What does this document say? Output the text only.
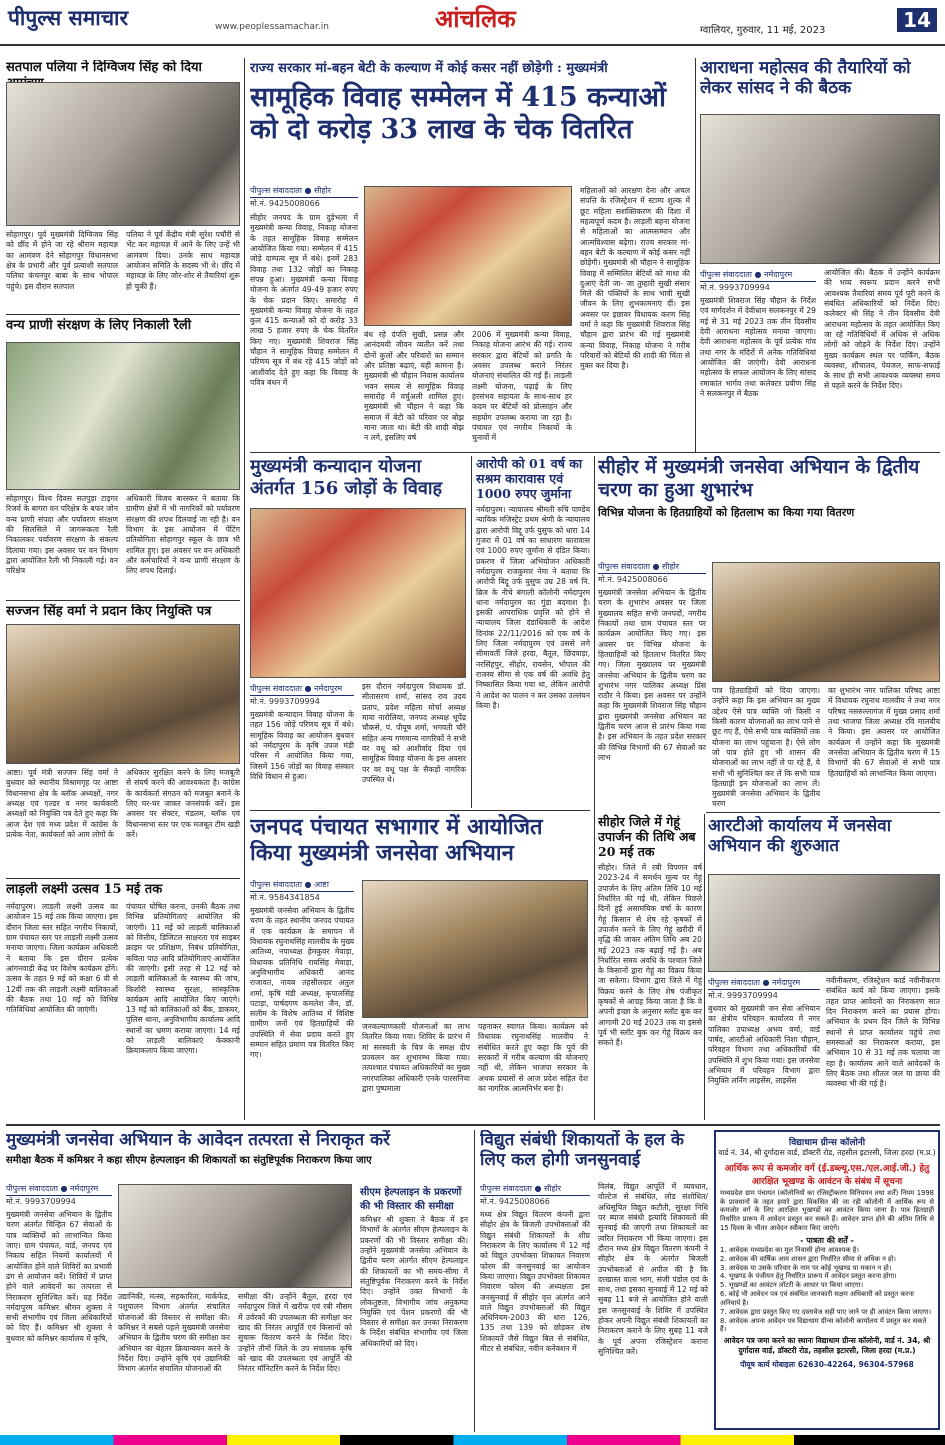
पीपुल्स समाचार	www.peoplessamachar.in	आंचलिक	ग्वालियर, गुरुवार, 11 मई, 2023	14
सतपाल पलिया ने दिग्विजय सिंह को दिया
सोहागपुर। पूर्व मुख्यमंत्री दिग्विजय सिंह को छींद में होने जा रहे श्रीराम महायज्ञ का आमंत्रण देने सोहागपुर विधानसभा क्षेत्र के प्रभारी और पूर्व प्रत्याशी सतपाल पलिया कंचनपुर बाबा के साथ भोपाल पहुंचे। इस दौरान सतपाल
पलिया ने पूर्व केंद्रीय मंत्री सुरेश पचौरी से भेंट कर महायज्ञ में आने के लिए उन्हें भी आमंत्रण दिया। उनके साथ महायज्ञ आयोजन समिति के सदस्य भी थे। छींद में महायज्ञ के लिए जोर-शोर से तैयारियां शुरू हो चुकी हैं।
वन्य प्राणी संरक्षण के लिए निकाली रैली
सोहागपुर। विश्व दिवस सतपुड़ा टाइगर रिजर्व के बागरा वन परिक्षेत्र के बफर जोन वन्य प्राणी संपदा और पर्यावरण संरक्षण की सिलसिले में जागरूकता रैली निकालकर पर्यावरण संरक्षण के संकल्प दिलाया गया। इस अवसर पर वन विभाग द्वारा आयोजित रैली भी निकाली गई। वन परिक्षेत्र
अधिकारी विजय बारस्कर ने बताया कि ग्रामीण क्षेत्रों में भी नागरिकों को पर्यावरण संरक्षण की शपथ दिलवाई जा रही है। वन विभाग के इस आयोजन में पेंटिंग प्रतियोगिता सोहागपुर स्कूल के छात्र भी शामिल हुए। इस अवसर पर वन अधिकारी और कर्मचारियों ने वन्य प्राणी संरक्षण के लिए शपथ दिलाई।
सज्जन सिंह वर्मा ने प्रदान किए नियुक्ति पत्र
आष्टा। पूर्व मंत्री सज्जन सिंह वर्मा ने बुधवार को स्थानीय विश्रामगृह पर आष्टा विधानसभा क्षेत्र के ब्लॉक अध्यक्षों, नगर अध्यक्ष एवं एल्डर व नगर कार्यकारी अध्यक्षों को नियुक्ति पत्र देते हुए कहा कि आज देश एवं मध्य प्रदेश में कांग्रेस के प्रत्येक नेता, कार्यकर्ता को आम लोगों के
अधिकार सुरक्षित करने के लिए मजबूती से संघर्ष करने की आवश्यकता है। कांग्रेस के कार्यकर्ता संगठन को मजबूत बनाने के लिए घर-घर जाकर जनसंपर्क करें। इस अवसर पर सेक्टर, मंडलम, ब्लॉक एवं विधानसभा स्तर पर एक मजबूत टीम खड़ी करें।
लाड़ली लक्ष्मी उत्सव 15 मई तक
नर्मदापुरम। लाड़ली लक्ष्मी उत्सव का आयोजन 15 मई तक किया जाएगा। इस दौरान जिला स्तर सहित नगरीय निकायों, ग्राम पंचायत स्तर पर लाड़ली लक्ष्मी उत्सव मनाया जाएगा। जिला कार्यक्रम अधिकारी ने बताया कि इस दौरान प्रत्येक आंगनवाड़ी केंद्र पर विशेष कार्यक्रम होंगे। उत्सव के तहत 9 मई को कक्षा 6 वी से 12वीं तक की लाड़ली लक्ष्मी बालिकाओं की बैठक तथा 10 मई को विभिन्न गतिविधियां आयोजित की जाएंगी।
पंचायत घोषित करना, उनकी बैठक तथा विभिन्न प्रतियोगिताएं आयोजित की जाएंगी। 11 मई को लाड़ली बालिकाओं को वित्तीय, डिजिटल साक्षरता एवं साइबर क्राइम पर प्रशिक्षण, निबंध प्रतियोगिता, कविता पाठ आदि प्रतियोगिताएं आयोजित की जाएंगी। इसी तरह से 12 मई को लाड़ली बालिकाओं के स्वास्थ्य की जांच, किशोरी स्वास्थ्य सुरक्षा, सांस्कृतिक कार्यक्रम आदि आयोजित किए जाएंगे। 13 मई को बालिकाओं को बैंक, डाकघर, पुलिस थाना, अनुविभागीय कार्यालय आदि स्थानों का भ्रमण कराया जाएगा। 14 मई को लाड़ली बालिकाएं केक्कानी क्रियाकलाप किया जाएगा।
राज्य सरकार मां-बहन बेटी के कल्याण में कोई कसर नहीं छोड़ेगी : मुख्यमंत्री
सामूहिक विवाह सम्मेलन में 415 कन्याओं को दो करोड़ 33 लाख के चेक वितरित
पीपुल्स संवाददाता ● सीहोर
मो.नं. 9425008066
सीहोर जनपद के ग्राम दुड़ेभला में मुख्यमंत्री कन्या विवाह, निकाह योजना के तहत सामूहिक विवाह सम्मेलन आयोजित किया गया। सम्मेलन में 415 जोड़े दाम्पत्य सूत्र में बंधे। इनमें 283 विवाह तथा 132 जोड़ों का निकाह संपन्न हुआ। मुख्यमंत्री कन्या विवाह योजना के अंतर्गत 49-49 हजार रुपए के चेक प्रदान किए। समारोह में मुख्यमंत्री कन्या विवाह योजना के तहत कुल 415 कन्याओं को दो करोड़ 33 लाख 5 हजार रुपए के चेक वितरित किए गए। मुख्यमंत्री शिवराज सिंह चौहान ने सामूहिक विवाह सम्मेलन में परिणय सूत्र में बंध रहे 415 जोड़ों को आशीर्वाद देते हुए कहा कि विवाह के पवित्र बंधन में
बंध रहे दंपति सुखी, प्रसन्न और आनंदमयी जीवन व्यतीत करें तथा दोनों कुलों और परिवारों का सम्मान और प्रतिष्ठा बढ़ाएं, यही कामना है। मुख्यमंत्री श्री चौहान निवास कार्यालय भवन समत्व से सामूहिक विवाह समारोह में वर्चुअली शामिल हुए। मुख्यमंत्री श्री चौहान ने कहा कि समाज में बेटी को परिवार पर बोझ माना जाता था। बेटी की शादी बोझ न लगे, इसलिए वर्ष
2006 में मुख्यमंत्री कन्या विवाह, निकाह योजना आरंभ की गई। राज्य सरकार द्वारा बेटियों को प्रगति के अवसर उपलब्ध कराने निरंतर योजनाएं संचालित की गई हैं। लाड़ली लक्ष्मी योजना, पढ़ाई के लिए हरसंभव सहायता के साथ-साथ हर कदम पर बेटियों को प्रोत्साहन और सहयोग उपलब्ध कराया जा रहा है। पंचायत एवं नगरीय निकायों के चुनावों में
महिलाओं को आरक्षण देना और अचल संपत्ति के रजिस्ट्रेशन में स्टाम्प शुल्क में छूट महिला सशक्तिकरण की दिशा में महत्वपूर्ण कदम है। लाड़ली बहना योजना से महिलाओं का आत्मसम्मान और आत्मविश्वास बढ़ेगा। राज्य सरकार मां-बहन बेटी के कल्याण में कोई कसर नहीं छोड़ेगी। मुख्यमंत्री श्री चौहान ने सामूहिक विवाह में सम्मिलित बेटियों को माथा की दुआएं देती जा- जा तुम्हारी सुखी संसार मिले की पंक्तियों के साथ भावी सुखी जीवन के लिए शुभकामनाएं दीं। इस अवसर पर इछावर विधायक करण सिंह वर्मा ने कहा कि मुख्यमंत्री शिवराज सिंह चौहान द्वारा प्रारंभ की गई मुख्यमंत्री कन्या विवाह, निकाह योजना ने गरीब परिवारों को बेटियों की शादी की चिंता से मुक्त कर दिया है।
मुख्यमंत्री कन्यादान योजना अंतर्गत 156 जोड़ों के विवाह
पीपुल्स संवाददाता ● नर्मदापुरम
मो.नं. 9993709994
मुख्यमंत्री कन्यादान विवाह योजना के तहत 156 जोड़ें परिणय सूत्र में बंधे। सामूहिक विवाह का आयोजन बुधवार को नर्मदापुरम के कृषि उपज मंडी परिसर में आयोजित किया गया, जिसमें 156 जोड़ों का विवाह संस्कार विधि विधान से हुआ।
इस दौरान नर्मदापुरम विधायक डॉ. सीतासरण शर्मा, सांसद राव उदय प्रताप, प्रदेश महिला मोर्चा अध्यक्ष माया नारोलिया, जनपद अध्यक्ष भूपेंद्र चौकसे, पं. पीयूष शर्मा, भगवती चौरे सहित अन्य गणमान्य नागरिकों ने सभी वर वधू को आशीर्वाद दिया एवं सामूहिक विवाह योजना के इस अवसर पर वर वधू पक्ष के सैकड़ों नागरिक उपस्थित थे।
आरोपी को 01 वर्ष का सश्रम कारावास एवं 1000 रुपए जुर्माना
नर्मदापुरम। न्यायालय श्रीमती रुचि पाण्डेय न्यायिक मजिस्ट्रेट प्रथम श्रेणी के न्यायालय द्वारा आरोपी विद्दू उर्फ युसुफ को धारा 14 गुजरा में 01 वर्ष का साधारण कारावास एवं 1000 रुपए जुर्माना से दंडित किया। प्रकरण में जिला अभियोजन अधिकारी नर्मदापुरम राजकुमार नेमा ने बताया कि आरोपी बिद्दू उर्फ युसुफ उम्र 28 वर्ष नि. ब्रिज के नीचे बंगाली कॉलोनी नर्मदापुरम थाना नर्मदापुरम का गुंडा बदमाश है। इसकी आपराधिक प्रवृत्ति को होने से न्यायालय जिला दंडाधिकारी के आदेश दिनांक 22/11/2016 को एक वर्ष के लिए जिला नर्मदापुरम एवं उससे लगे सीमावर्ती जिले हरदा, बैतूल, छिंदवाड़ा, नरसिंहपुर, सीहोर, रायसेन, भोपाल की राजस्व सीमा से एक वर्ष की अवधि हेतु निष्कासित किया गया था, लेकिन आरोपी ने आदेश का पालन न कर उसका उल्लंघन किया है।
जनपद पंचायत सभागार में आयोजित किया मुख्यमंत्री जनसेवा अभियान
पीपुल्स संवाददाता ● आष्टा
मो.नं. 9584341854
मुख्यमंत्री जनसेवा अभियान के द्वितीय चरण के तहत स्थानीय जनपद पंचायत में एक कार्यक्रम के समापन में विधायक रघुनाथसिंह मालवीय के मुख्य आतिथ्य, नपाध्यक्ष हेमकुवर मेवाड़ा, विधायक प्रतिनिधि रायसिंह मेवाड़ा, अनुविभागीय अधिकारी आनंद राजावत, नायब तहसीलदार अतुल शर्मा, कृषि मंडी अध्यक्ष, कृपालसिंह पटाड़ा, पार्षदगण कमलेश जैन, डॉ. सलीम के विशेष आतिथ्य में विशिष्ट ग्रामीण जनों एवं हितग्राहियों की उपस्थिति में सेवा प्रदाय करते हुए सम्मान सहित प्रमाण पत्र वितरित किए गए।
जनकल्याणकारी योजनाओं का लाभ वितरित किया गया। शिविर के प्रारंभ में मां सरस्वती के चित्र के समक्ष दीप प्रज्वलन कर शुभारम्भ किया गया। तत्पश्चात पंचायत अधिकारियों का मुख्य नगरपालिका अधिकारी एनके पारसनिया द्वारा पुष्पमाला
पहनाकर स्वागत किया। कार्यक्रम को विधायक रघुनाथसिंह मालवीय ने संबोधित करते हुए कहा कि पूर्व की सरकारों में गरीब कल्याण की योजनाएं नहीं थी, लेकिन भाजपा सरकार के अथक प्रयासों से आज प्रदेश सहित देश का नागरिक आत्मनिर्भर बना है।
सीहोर जिले में गेहूं उपार्जन की तिथि अब 20 मई तक
सीहोर। जिले में रबी विपणन वर्ष 2023-24 में समर्थन मूल्य पर गेहूं उपार्जन के लिए अंतिम तिथि 10 मई निर्धारित की गई थी, लेकिन पिछले दिनों हुई असामयिक वर्षा के कारण गेहूं किसान से शेष रहे कृषकों से उपार्जन करने के लिए गेहूं खरीदी में वृद्धि की जाकर अंतिम तिथि अब 20 मई 2023 तक बढ़ाई गई है। अब निर्धारित समय अवधि के पश्चात जिले के किसानों द्वारा गेहूं का विक्रय किया जा सकेगा। विभाग द्वारा जिले में गेहूं विक्रय करने के लिए शेष पंजीकृत कृषकों से आग्रह किया जाता है कि वे अपनी इच्छा के अनुसार स्लॉट बुक कर आगामी 20 मई 2023 तक या इससे पूर्व भी स्लॉट बुक कर गेहूं विक्रय कर सकते हैं।
आराधना महोत्सव की तैयारियों को लेकर सांसद ने की बैठक
पीपुल्स संवाददाता ● नर्मदापुरम
मो.नं. 9993709994
मुख्यमंत्री शिवराज सिंह चौहान के निर्देश एवं मार्गदर्शन में देवीधाम सलकनपुर में 29 मई से 31 मई 2023 तक तीन दिवसीय देवी आराधना महोत्सव मनाया जाएगा। देवी आराधना महोत्सव के पूर्व प्रत्येक गांव तथा नगर के मंदिरों में अनेक गतिविधियां आयोजित की जाएंगी। देवी आराधना महोत्सव के सफल आयोजन के लिए सांसद रमाकांत भार्गव तथा कलेक्टर प्रवीण सिंह ने सलकनपुर में बैठक
आयोजित की। बैठक में उन्होंने कार्यक्रम की भव्य स्वरूप प्रदान करने सभी आवश्यक तैयारियां समय पूर्व पूरी करने के संबंधित अधिकारियों को निर्देश दिए। कलेक्टर श्री सिंह ने तीन दिवसीय देवी आराधना महोत्सव के तहत आयोजित किए जा रहे गतिविधियों में अधिक से अधिक लोगों को जोड़ने के निर्देश दिए। उन्होंने मुख्य कार्यक्रम स्थल पर पार्किंग, बैठक व्यवस्था, शौचालय, पेयजल, साफ-सफाई के साथ ही सभी आवश्यक व्यवस्था समय से पहले करने के निर्देश दिए।
सीहोर में मुख्यमंत्री जनसेवा अभियान के द्वितीय चरण का हुआ शुभारंभ
विभिन्न योजना के हितग्राहियों को हितलाभ का किया गया वितरण
पीपुल्स संवाददाता ● सीहोर
मो.नं. 9425008066
मुख्यमंत्री जनसेवा अभियान के द्वितीय चरण के शुभारंभ अवसर पर जिला मुख्यालय सहित सभी जनपदों, नगरीय निकायों तथा ग्राम पंचायत स्तर पर कार्यक्रम आयोजित किए गए। इस अवसर पर विभिन्न योजना के हितग्राहियों को हितलाभ वितरित किए गए। जिला मुख्यालय पर मुख्यमंत्री जनसेवा अभियान के द्वितीय चरण का शुभारंभ नगर पालिका अध्यक्ष प्रिंस राठौर ने किया। इस अवसर पर उन्होंने कहा कि मुख्यमंत्री शिवराज सिंह चौहान द्वारा मुख्यमंत्री जनसेवा अभियान का द्वितीय चरण आज से प्रारंभ किया गया है। इस अभियान के तहत प्रदेश सरकार की विभिन्न विभागों की 67 सेवाओं का लाभ
पात्र हितग्राहियों को दिया जाएगा। उन्होंने कहा कि इस अभियान का मुख्य उद्देश्य ऐसे पात्र व्यक्ति जो किसी न किसी कारण योजनाओं का लाभ पाने से छूट गए हैं, ऐसे सभी पात्र व्यक्तियों तक योजना का लाभ पहुंचाना है। ऐसे लोग जो पात्र होते हुए भी शासन की योजनाओं का लाभ नहीं ले पा रहे हैं, वे सभी भी सुनिश्चित कर लें कि सभी पात्र हितग्राही इन योजनाओं का लाभ लें। मुख्यमंत्री जनसेवा अभियान के द्वितीय चरण
का शुभारंभ नगर पालिका परिषद आष्टा में विधायक रघुनाथ मालवीय ने तथा नगर परिषद नसरुल्लागंज में मुख्य प्रसाद शर्मा तथा भाजपा जिला अध्यक्ष रवि मालवीय ने किया। इस अवसर पर आयोजित कार्यक्रम में उन्होंने कहा कि मुख्यमंत्री जनसेवा अभियान के द्वितीय चरण में 15 विभागों की 67 सेवाओं से सभी पात्र हितग्राहियों को लाभान्वित किया जाएगा।
आरटीओ कार्यालय में जनसेवा अभियान की शुरुआत
पीपुल्स संवाददाता ● नर्मदापुरम
मो.नं. 9993709994
बुधवार को मुख्यमंत्री जन सेवा अभियान का क्षेत्रीय परिवहन कार्यालय में नगर पालिका उपाध्यक्ष अभय वर्मा, वार्ड पार्षद, आरटीओ अधिकारी निशा चौहान, परिवहन विभाग तथा अधिकारियों की उपस्थिति में शुभ किया गया। इस जनसेवा अभियान में परिवहन विभाग द्वारा नियुक्ति लर्निंग लाइसेंस, लाइसेंस
नवीनीकरण, रजिस्ट्रेशन कार्ड नवीनीकरण संबंधित कार्य को किया जाएगा। इसके तहत प्राप्त आवेदनों का निराकरण सात दिन निराकरण करने का प्रयास होगा। अभियान के प्रथम दिन जिले के विभिन्न स्थानों से प्राप्त कार्यालय पहुंचे तथा समस्याओं का निराकरण कराया, इस अभियान 10 से 31 मई तक चलाया जा रहा है। कार्यालय आने वाले आवेदकों के लिए बैठक तथा शीतल जल या छाया की व्यवस्था भी की गई है।
मुख्यमंत्री जनसेवा अभियान के आवेदन तत्परता से निराकृत करें
समीक्षा बैठक में कमिश्नर ने कहा सीएम हेल्पलाइन की शिकायतों का संतुष्टिपूर्वक निराकरण किया जाए
पीपुल्स संवाददाता ● नर्मदापुरम
मो.नं. 9993709994
मुख्यमंत्री जनसेवा अभियान के द्वितीय चरण अंतर्गत चिन्हित 67 सेवाओं के पात्र व्यक्तियों को लाभान्वित किया जाए। ग्राम पंचायत, वार्ड, जनपद एवं निकाय सहित नियमों कार्यालयों में आयोजित होने वाले शिविरों का प्रभावी ढंग से आयोजन करें। शिविरों में प्राप्त होने वाले आवेदनों का तत्परता से निराकरण सुनिश्चित करें। यह निर्देश नर्मदापुरम कमिश्नर श्रीमन शुक्ला ने सभी संभागीय एवं जिला अधिकारियों को दिए हैं। कमिश्नर श्री शुक्ला ने बुधवार को कमिश्नर कार्यालय में कृषि,
उद्यानिकी, मत्स्य, सहकारिता, मार्कफेड, पशुपालन विभाग अंतर्गत संचालित योजनाओं की विस्तार से समीक्षा की। कमिश्नर ने सबसे पहले मुख्यमंत्री जनसेवा अभियान के द्वितीय चरण की समीक्षा कर अभियान का बेहतर क्रियान्वयन करने के निर्देश दिए। उन्होंने कृषि एवं उद्यानिकी विभाग अंतर्गत संचालित योजनाओं की
समीक्षा की। उन्होंने बैतूल, हरदा एवं नर्मदापुरम जिले में खरीफ एवं रबी मौसम में उर्वरकों की उपलब्धता की समीक्षा कर खाद की निरंतर आपूर्ति एवं किसानों को सुचारू वितरण करने के निर्देश दिए। उन्होंने तीनों जिले के उप संचालक कृषि को खाद की उपलब्धता एवं आपूर्ति की निरंतर मॉनिटरिंग करने के निर्देश दिए।
सीएम हेल्पलाइन के प्रकरणों की भी विस्तार की समीक्षा
कमिश्नर श्री शुक्ला ने बैठक में इन विभागों के अंतर्गत सीएम हेल्पलाइन के प्रकरणों की भी विस्तार समीक्षा की। उन्होंने मुख्यमंत्री जनसेवा अभियान के द्वितीय चरण अंतर्गत सीएम हेल्पलाइन की शिकायतों का भी समय-सीमा में संतुष्टिपूर्वक निराकरण करने के निर्देश दिए। उन्होंने उक्त विभागों के लोकतुष्टता, विभागीय जांच अनुकम्पा नियुक्ति एवं पेंशन प्रकरणों की भी विस्तार से समीक्षा कर उनका निराकरण के निर्देश संबंधित संभागीय एवं जिला अधिकारियों को दिए।
विद्युत संबंधी शिकायतों के हल के लिए कल होगी जनसुनवाई
पीपुल्स संवाददाता ● सीहोर
मो.नं. 9425008066
मध्य क्षेत्र विद्युत वितरण कंपनी द्वारा सीहोर क्षेत्र के बिजली उपभोक्ताओं की विद्युत संबंधी शिकायतों के शीघ्र निराकरण के लिए कार्यालय में 12 मई को विद्युत उपभोक्ता शिकायत निवारण फोरम की जनसुनवाई का आयोजन किया जाएगा। विद्युत उपभोक्ता शिकायत निवारण फोरम की अध्यक्षता इस जनसुनवाई में सीहोर वृत्त अंतर्गत आने वाले विद्युत उपभोक्ताओं की विद्युत अधिनियम-2003 की धारा 126, 135 तथा 139 को छोड़कर शेष शिकायतें जैसे विद्युत बिल से संबंधित, मीटर से संबंधित, नवीन कनेक्शन में
विलंब, विद्युत आपूर्ति में व्यवधान, वोल्टेज से संबंधित, लोड संशोधित/अधिसूचित विद्युत कटौती, सुरक्षा निधि पर ब्याज संबंधी इत्यादि शिकायतों की सुनवाई की जाएगी तथा शिकायतों का त्वरित निराकरण भी किया जाएगा। इस दौरान मध्य क्षेत्र विद्युत वितरण कंपनी ने सीहोर क्षेत्र के अंतर्गत बिजली उपभोक्ताओं से अपील की है कि दरखास्त वाला भाग, संजी पंडोल एवं के साथ, तथा इसका सुनवाई में 12 मई को सुबह 11 बजे से आयोजित होने वाली इस जनसुनवाई के शिविर में उपस्थित होकर अपनी विद्युत संबंधी शिकायतों का निराकरण कराने के लिए सुबह 11 बजे के पूर्व अपना रजिस्ट्रेशन कराना सुनिश्चित करें।
विद्याधाम ग्रीन्स कॉलोनी
वार्ड नं. 34, श्री दुर्गादास वार्ड, डॉक्टरी रोड, तहसील इटारसी, जिला हरदा (म.प्र.)
आर्थिक रूप से कमजोर वर्ग (ई.डब्ल्यू.एस./एल.आई.जी.) हेतु आरक्षित भूखण्ड के आवंटन के संबंध में सूचना
मध्यप्रदेश ग्राम पंचायत (कॉलोनियों का रजिस्ट्रीकरण विनियमन तथा शर्तें) नियम 1998 के प्रावधानों के तहत हमारे द्वारा विकसित की जा रही कॉलोनी में आर्थिक रूप से कमजोर वर्ग के लिए आरक्षित भूखण्डों का आवंटन किया जाना है। पात्र हितग्राही निर्धारित प्रारूप में आवेदन प्रस्तुत कर सकते हैं। आवेदन प्राप्त होने की अंतिम तिथि से 15 दिवस के भीतर आवेदन स्वीकार किए जाएंगे।
- पात्रता की शर्तें -
1. आवेदक मध्यप्रदेश का मूल निवासी होना आवश्यक है।
2. आवेदक की वार्षिक आय शासन द्वारा निर्धारित सीमा से अधिक न हो।
3. आवेदक या उसके परिवार के नाम पर कोई भूखण्ड या मकान न हो।
4. भूखण्ड के पंजीयन हेतु निर्धारित प्रारूप में आवेदन प्रस्तुत करना होगा।
5. भूखण्डों का आवंटन लॉटरी के आधार पर किया जाएगा।
6. कोई भी आवेदन पत्र एवं संबंधित जानकारी सक्षम अधिकारी को प्रस्तुत करना अनिवार्य है।
7. आवेदक द्वारा प्रस्तुत किए गए दस्तावेज सही पाए जाने पर ही आवंटन किया जाएगा।
8. आवेदक अपना आवेदन पत्र विद्याधाम ग्रीन्स कॉलोनी कार्यालय में प्रस्तुत कर सकते हैं।
आवेदन पत्र जमा करने का स्थानः विद्याधाम ग्रीन्स कॉलोनी, वार्ड नं. 34, श्री दुर्गादास वार्ड, डॉक्टरी रोड, तहसील इटारसी, जिला हरदा (म.प्र.)
पीयूष कार्य मोबाइलः 62630-42264, 96304-57968
